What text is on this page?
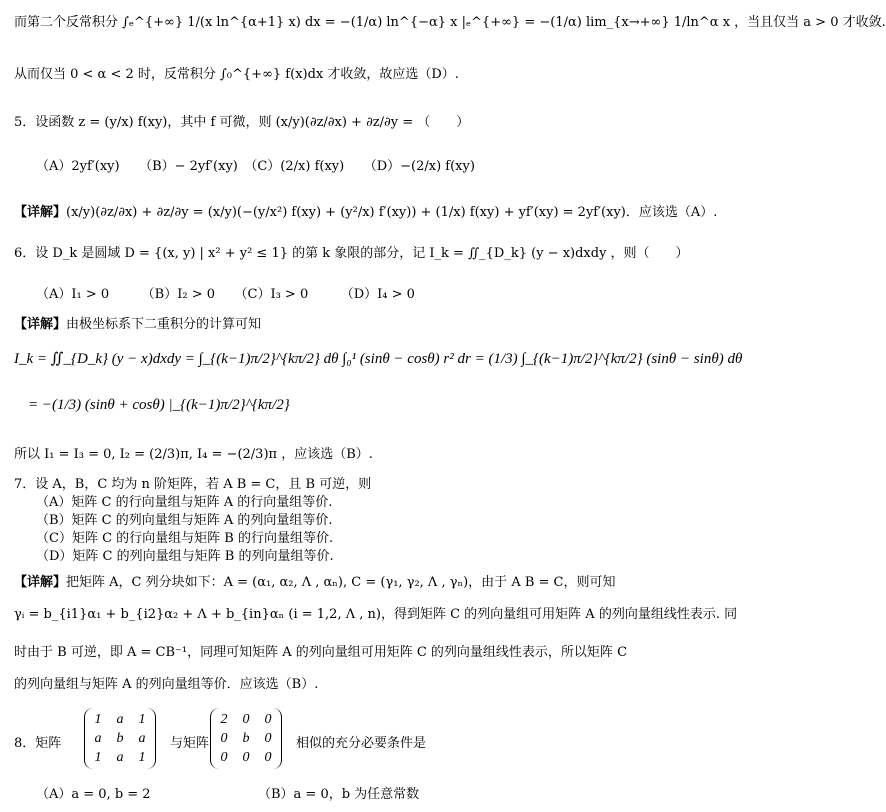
而第二个反常积分 ∫ₑ^{+∞} 1/(x ln^{α+1} x) dx = −(1/α) ln^{−α} x |ₑ^{+∞} = −(1/α) lim_{x→+∞} 1/ln^α x ，当且仅当 a > 0 才收敛.
从而仅当 0 < α < 2 时，反常积分 ∫₀^{+∞} f(x)dx 才收敛，故应选（D）.
5．设函数 z = (y/x) f(xy)，其中 f 可微，则 (x/y)(∂z/∂x) + ∂z/∂y = （　　）
（A）2yf′(xy)　　（B）− 2yf′(xy)　（C）(2/x) f(xy)　　（D）−(2/x) f(xy)
【详解】(x/y)(∂z/∂x) + ∂z/∂y = (x/y)(−(y/x²) f(xy) + (y²/x) f′(xy)) + (1/x) f(xy) + yf′(xy) = 2yf′(xy)．应该选（A）.
6．设 D_k 是圆域 D = {(x, y) | x² + y² ≤ 1} 的第 k 象限的部分，记 I_k = ∬_{D_k} (y − x)dxdy ，则（　　）
（A）I₁ > 0　　　（B）I₂ > 0　　（C）I₃ > 0　　　（D）I₄ > 0
【详解】由极坐标系下二重积分的计算可知
I_k = ∬_{D_k} (y − x)dxdy = ∫_{(k−1)π/2}^{kπ/2} dθ ∫₀¹ (sinθ − cosθ) r² dr = (1/3) ∫_{(k−1)π/2}^{kπ/2} (sinθ − sinθ) dθ
= −(1/3) (sinθ + cosθ) |_{(k−1)π/2}^{kπ/2}
所以 I₁ = I₃ = 0, I₂ = (2/3)π, I₄ = −(2/3)π ，应该选（B）.
7．设 A，B，C 均为 n 阶矩阵，若 A B = C，且 B 可逆，则
（A）矩阵 C 的行向量组与矩阵 A 的行向量组等价.
（B）矩阵 C 的列向量组与矩阵 A 的列向量组等价.
（C）矩阵 C 的行向量组与矩阵 B 的行向量组等价.
（D）矩阵 C 的列向量组与矩阵 B 的列向量组等价.
【详解】把矩阵 A，C 列分块如下：A = (α₁, α₂, Λ , αₙ), C = (γ₁, γ₂, Λ , γₙ)，由于 A B = C，则可知
γᵢ = b_{i1}α₁ + b_{i2}α₂ + Λ + b_{in}αₙ (i = 1,2, Λ , n)，得到矩阵 C 的列向量组可用矩阵 A 的列向量组线性表示. 同
时由于 B 可逆，即 A = CB⁻¹，同理可知矩阵 A 的列向量组可用矩阵 C 的列向量组线性表示，所以矩阵 C
的列向量组与矩阵 A 的列向量组等价．应该选（B）.
8．矩阵
1 a 1
a b a
1 a 1
与矩阵
2 0 0
0 b 0
0 0 0
相似的充分必要条件是
（A）a = 0, b = 2	（B）a = 0，b 为任意常数
